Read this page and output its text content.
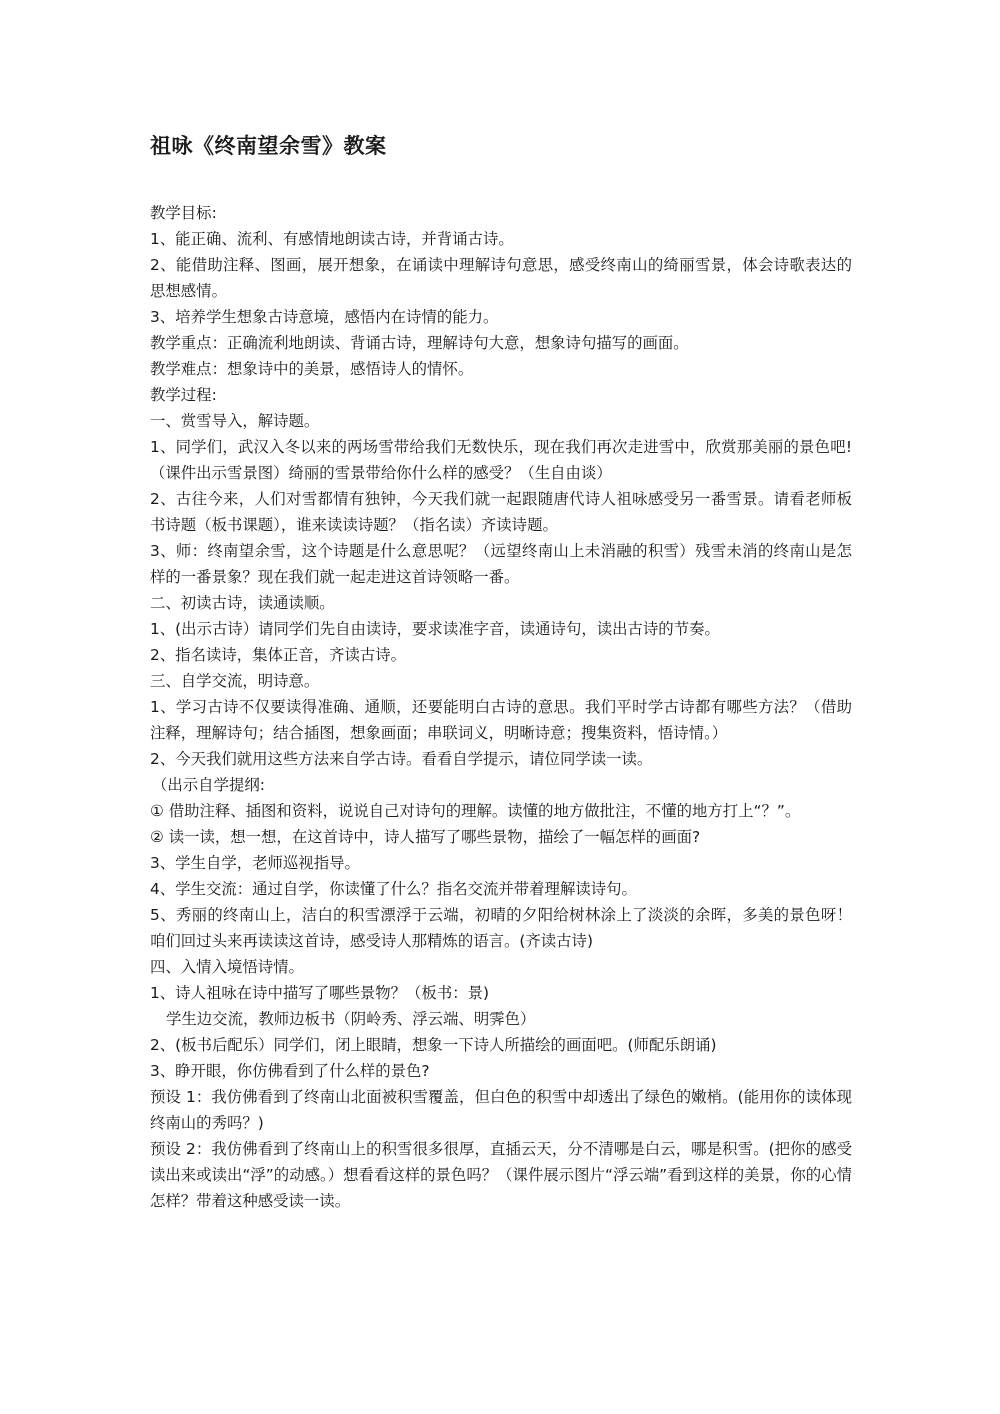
祖咏《终南望余雪》教案

教学目标:

1、能正确、流利、有感情地朗读古诗，并背诵古诗。

2、能借助注释、图画，展开想象，在诵读中理解诗句意思，感受终南山的绮丽雪景，体会诗歌表达的思想感情。

3、培养学生想象古诗意境，感悟内在诗情的能力。

教学重点：正确流利地朗读、背诵古诗，理解诗句大意，想象诗句描写的画面。

教学难点：想象诗中的美景，感悟诗人的情怀。

教学过程:

一、赏雪导入，解诗题。

1、同学们，武汉入冬以来的两场雪带给我们无数快乐，现在我们再次走进雪中，欣赏那美丽的景色吧!（课件出示雪景图）绮丽的雪景带给你什么样的感受？（生自由谈）

2、古往今来，人们对雪都情有独钟，今天我们就一起跟随唐代诗人祖咏感受另一番雪景。请看老师板书诗题（板书课题），谁来读读诗题？（指名读）齐读诗题。

3、师：终南望余雪，这个诗题是什么意思呢？（远望终南山上未消融的积雪）残雪未消的终南山是怎样的一番景象？现在我们就一起走进这首诗领略一番。

二、初读古诗，读通读顺。

1、(出示古诗）请同学们先自由读诗，要求读准字音，读通诗句，读出古诗的节奏。

2、指名读诗，集体正音，齐读古诗。

三、自学交流，明诗意。

1、学习古诗不仅要读得准确、通顺，还要能明白古诗的意思。我们平时学古诗都有哪些方法？（借助注释，理解诗句；结合插图，想象画面；串联词义，明晰诗意；搜集资料，悟诗情。）

2、今天我们就用这些方法来自学古诗。看看自学提示，请位同学读一读。

（出示自学提纲:

① 借助注释、插图和资料，说说自己对诗句的理解。读懂的地方做批注，不懂的地方打上“？”。

② 读一读，想一想，在这首诗中，诗人描写了哪些景物，描绘了一幅怎样的画面?

3、学生自学，老师巡视指导。

4、学生交流：通过自学，你读懂了什么？指名交流并带着理解读诗句。

5、秀丽的终南山上，洁白的积雪漂浮于云端，初晴的夕阳给树林涂上了淡淡的余晖，多美的景色呀！咱们回过头来再读读这首诗，感受诗人那精炼的语言。(齐读古诗)

四、入情入境悟诗情。

1、诗人祖咏在诗中描写了哪些景物？（板书：景)

学生边交流，教师边板书（阴岭秀、浮云端、明霁色）

2、(板书后配乐）同学们，闭上眼睛，想象一下诗人所描绘的画面吧。(师配乐朗诵)

3、睁开眼，你仿佛看到了什么样的景色?

预设 1：我仿佛看到了终南山北面被积雪覆盖，但白色的积雪中却透出了绿色的嫩梢。(能用你的读体现终南山的秀吗？)

预设 2：我仿佛看到了终南山上的积雪很多很厚，直插云天，分不清哪是白云，哪是积雪。(把你的感受读出来或读出“浮”的动感。）想看看这样的景色吗？（课件展示图片“浮云端”看到这样的美景，你的心情怎样？带着这种感受读一读。
